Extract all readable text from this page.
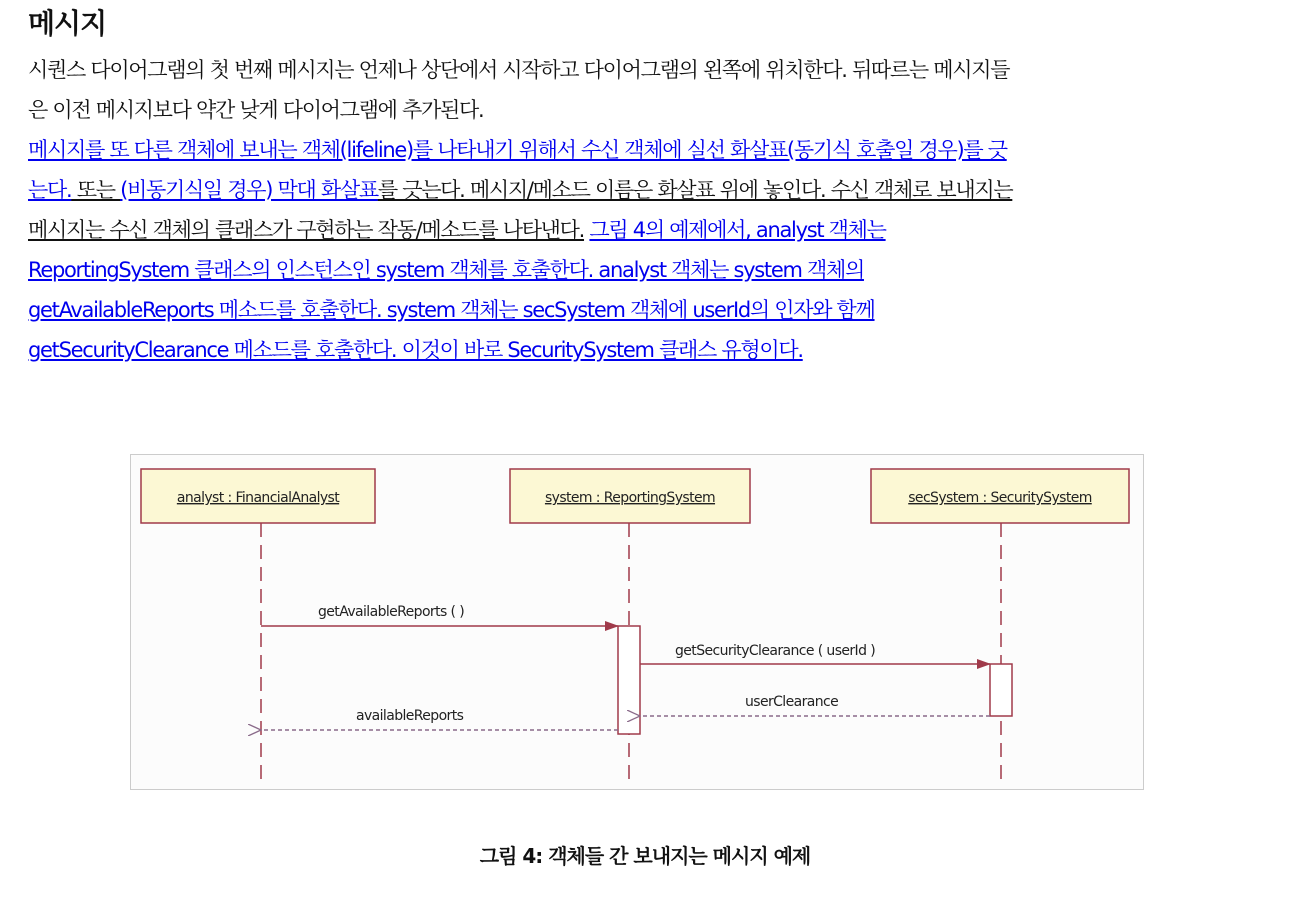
메시지

시퀀스 다이어그램의 첫 번째 메시지는 언제나 상단에서 시작하고 다이어그램의 왼쪽에 위치한다. 뒤따르는 메시지들
은 이전 메시지보다 약간 낮게 다이어그램에 추가된다.
메시지를 또 다른 객체에 보내는 객체(lifeline)를 나타내기 위해서 수신 객체에 실선 화살표(동기식 호출일 경우)를 긋
는다. 또는 (비동기식일 경우) 막대 화살표를 긋는다. 메시지/메소드 이름은 화살표 위에 놓인다. 수신 객체로 보내지는
메시지는 수신 객체의 클래스가 구현하는 작동/메소드를 나타낸다. 그림 4의 예제에서, analyst 객체는
ReportingSystem 클래스의 인스턴스인 system 객체를 호출한다. analyst 객체는 system 객체의
getAvailableReports 메소드를 호출한다. system 객체는 secSystem 객체에 userId의 인자와 함께
getSecurityClearance 메소드를 호출한다. 이것이 바로 SecuritySystem 클래스 유형이다.

analyst : FinancialAnalyst	system : ReportingSystem	secSystem : SecuritySystem
getAvailableReports ( )
getSecurityClearance ( userId )
userClearance
availableReports

그림 4: 객체들 간 보내지는 메시지 예제
